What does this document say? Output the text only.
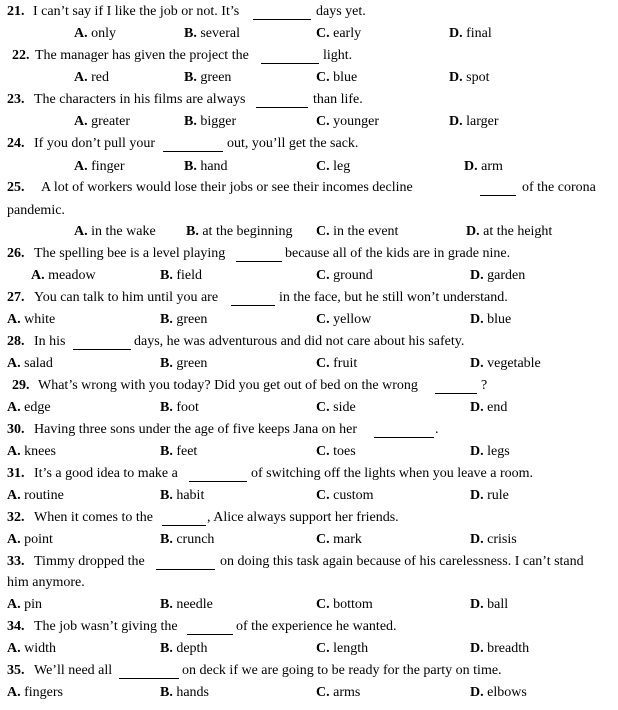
21. I can’t say if I like the job or not. It’s	days yet.
A. only	B. several	C. early	D. final
22. The manager has given the project the	light.
A. red	B. green	C. blue	D. spot
23. The characters in his films are always	than life.
A. greater	B. bigger	C. younger	D. larger
24. If you don’t pull your	out, you’ll get the sack.
A. finger	B. hand	C. leg	D. arm
25. A lot of workers would lose their jobs or see their incomes decline	of the corona
pandemic.
A. in the wake B. at the beginning C. in the event	D. at the height
26. The spelling bee is a level playing	because all of the kids are in grade nine.
A. meadow	B. field	C. ground	D. garden
27. You can talk to him until you are	in the face, but he still won’t understand.
A. white	B. green	C. yellow	D. blue
28. In his	days, he was adventurous and did not care about his safety.
A. salad	B. green	C. fruit	D. vegetable
29. What’s wrong with you today? Did you get out of bed on the wrong	?
A. edge	B. foot	C. side	D. end
30. Having three sons under the age of five keeps Jana on her	.
A. knees	B. feet	C. toes	D. legs
31. It’s a good idea to make a	of switching off the lights when you leave a room.
A. routine	B. habit	C. custom	D. rule
32. When it comes to the	, Alice always support her friends.
A. point	B. crunch	C. mark	D. crisis
33. Timmy dropped the	on doing this task again because of his carelessness. I can’t stand
him anymore.
A. pin	B. needle	C. bottom	D. ball
34. The job wasn’t giving the	of the experience he wanted.
A. width	B. depth	C. length	D. breadth
35. We’ll need all	on deck if we are going to be ready for the party on time.
A. fingers	B. hands	C. arms	D. elbows
